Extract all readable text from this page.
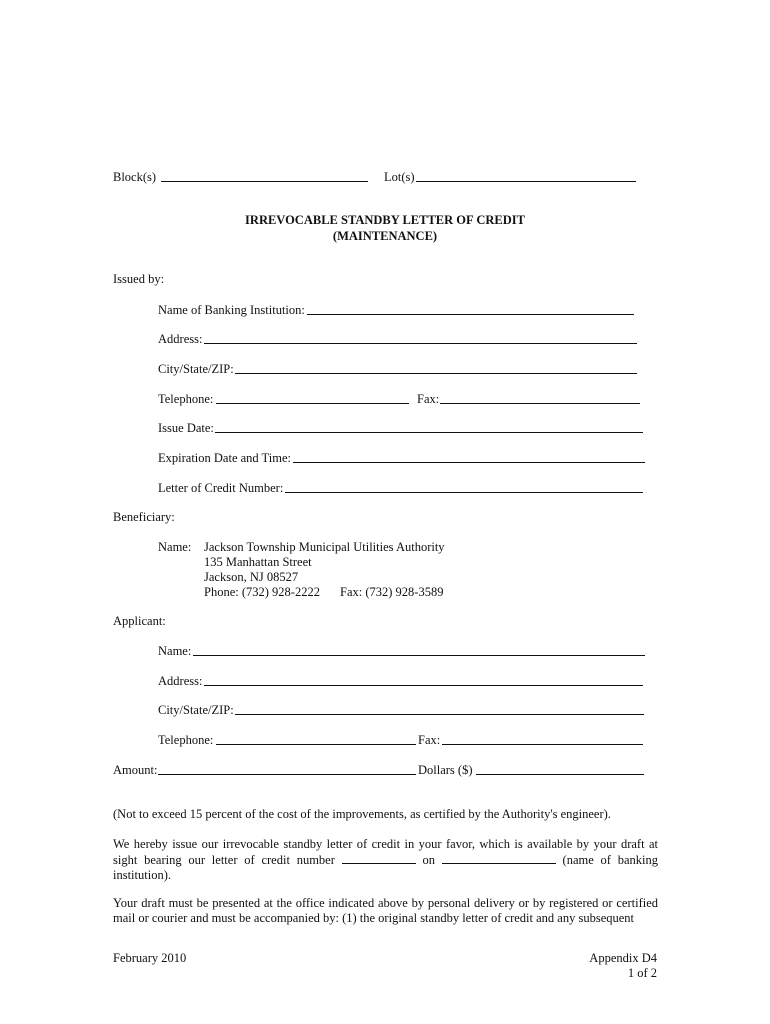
Block(s)	Lot(s)
IRREVOCABLE STANDBY LETTER OF CREDIT
(MAINTENANCE)
Issued by:
Name of Banking Institution:
Address:
City/State/ZIP:
Telephone:	Fax:
Issue Date:
Expiration Date and Time:
Letter of Credit Number:
Beneficiary:
Name: Jackson Township Municipal Utilities Authority
135 Manhattan Street
Jackson, NJ 08527
Phone: (732) 928-2222 Fax: (732) 928-3589
Applicant:
Name:
Address:
City/State/ZIP:
Telephone:	Fax:
Amount:	Dollars ($)
(Not to exceed 15 percent of the cost of the improvements, as certified by the Authority's engineer).
We hereby issue our irrevocable standby letter of credit in your favor, which is available by your draft at sight bearing our letter of credit number	on	(name of banking institution).
Your draft must be presented at the office indicated above by personal delivery or by registered or certified mail or courier and must be accompanied by: (1) the original standby letter of credit and any subsequent
February 2010	Appendix D4
1 of 2
